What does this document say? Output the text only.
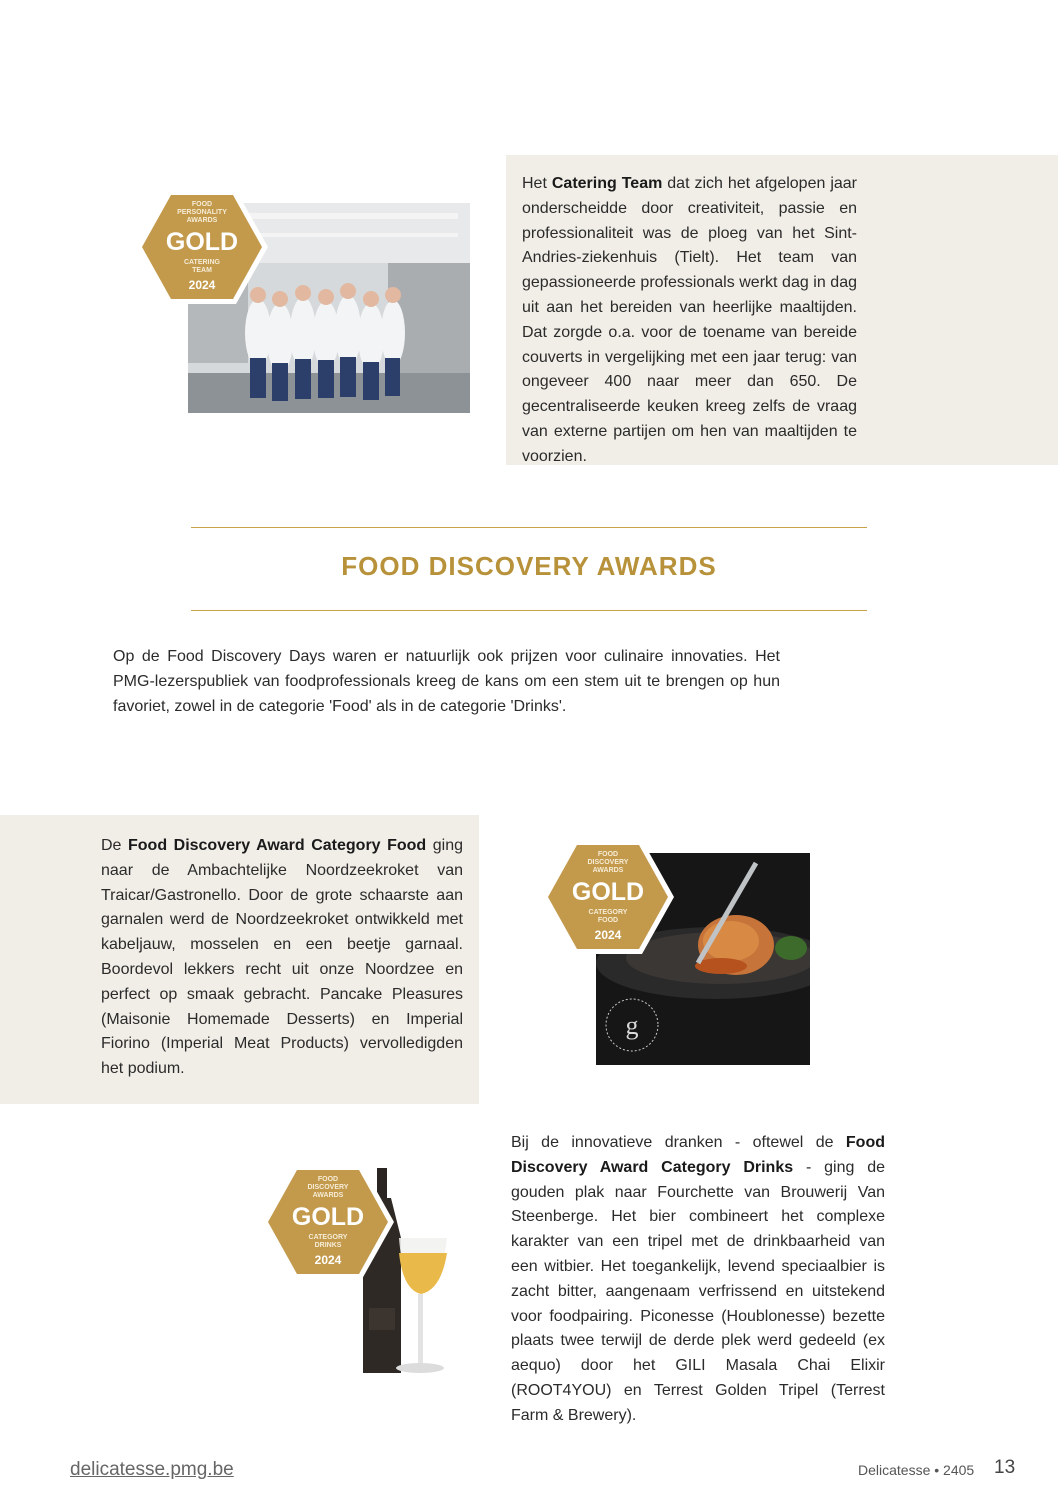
Het Catering Team dat zich het afgelopen jaar onderscheidde door creativiteit, passie en professionaliteit was de ploeg van het Sint-Andries-ziekenhuis (Tielt). Het team van gepassioneerde professionals werkt dag in dag uit aan het bereiden van heerlijke maaltijden. Dat zorgde o.a. voor de toename van bereide couverts in vergelijking met een jaar terug: van ongeveer 400 naar meer dan 650. De gecentraliseerde keuken kreeg zelfs de vraag van externe partijen om hen van maaltijden te voorzien.

FOOD
PERSONALITY
AWARDS
GOLD
CATERING
TEAM
2024
FOOD DISCOVERY AWARDS

Op de Food Discovery Days waren er natuurlijk ook prijzen voor culinaire innovaties. Het PMG-lezerspubliek van foodprofessionals kreeg de kans om een stem uit te brengen op hun favoriet, zowel in de categorie 'Food' als in de categorie 'Drinks'.

De Food Discovery Award Category Food ging naar de Ambachtelijke Noordzeekroket van Traicar/Gastronello. Door de grote schaarste aan garnalen werd de Noordzeekroket ontwikkeld met kabeljauw, mosselen en een beetje garnaal. Boordevol lekkers recht uit onze Noordzee en perfect op smaak gebracht. Pancake Pleasures (Maisonie Homemade Desserts) en Imperial Fiorino (Imperial Meat Products) vervolledigden het podium.

g
FOOD
DISCOVERY
AWARDS
GOLD
CATEGORY
FOOD
2024

Bij de innovatieve dranken - oftewel de Food Discovery Award Category Drinks - ging de gouden plak naar Fourchette van Brouwerij Van Steenberge. Het bier combineert het complexe karakter van een tripel met de drinkbaarheid van een witbier. Het toegankelijk, levend speciaalbier is zacht bitter, aangenaam verfrissend en uitstekend voor foodpairing. Piconesse (Houblonesse) bezette plaats twee terwijl de derde plek werd gedeeld (ex aequo) door het GILI Masala Chai Elixir (ROOT4YOU) en Terrest Golden Tripel (Terrest Farm & Brewery).

FOOD
DISCOVERY
AWARDS
GOLD
CATEGORY
DRINKS
2024
delicatesse.pmg.be	Delicatesse • 2405 13
